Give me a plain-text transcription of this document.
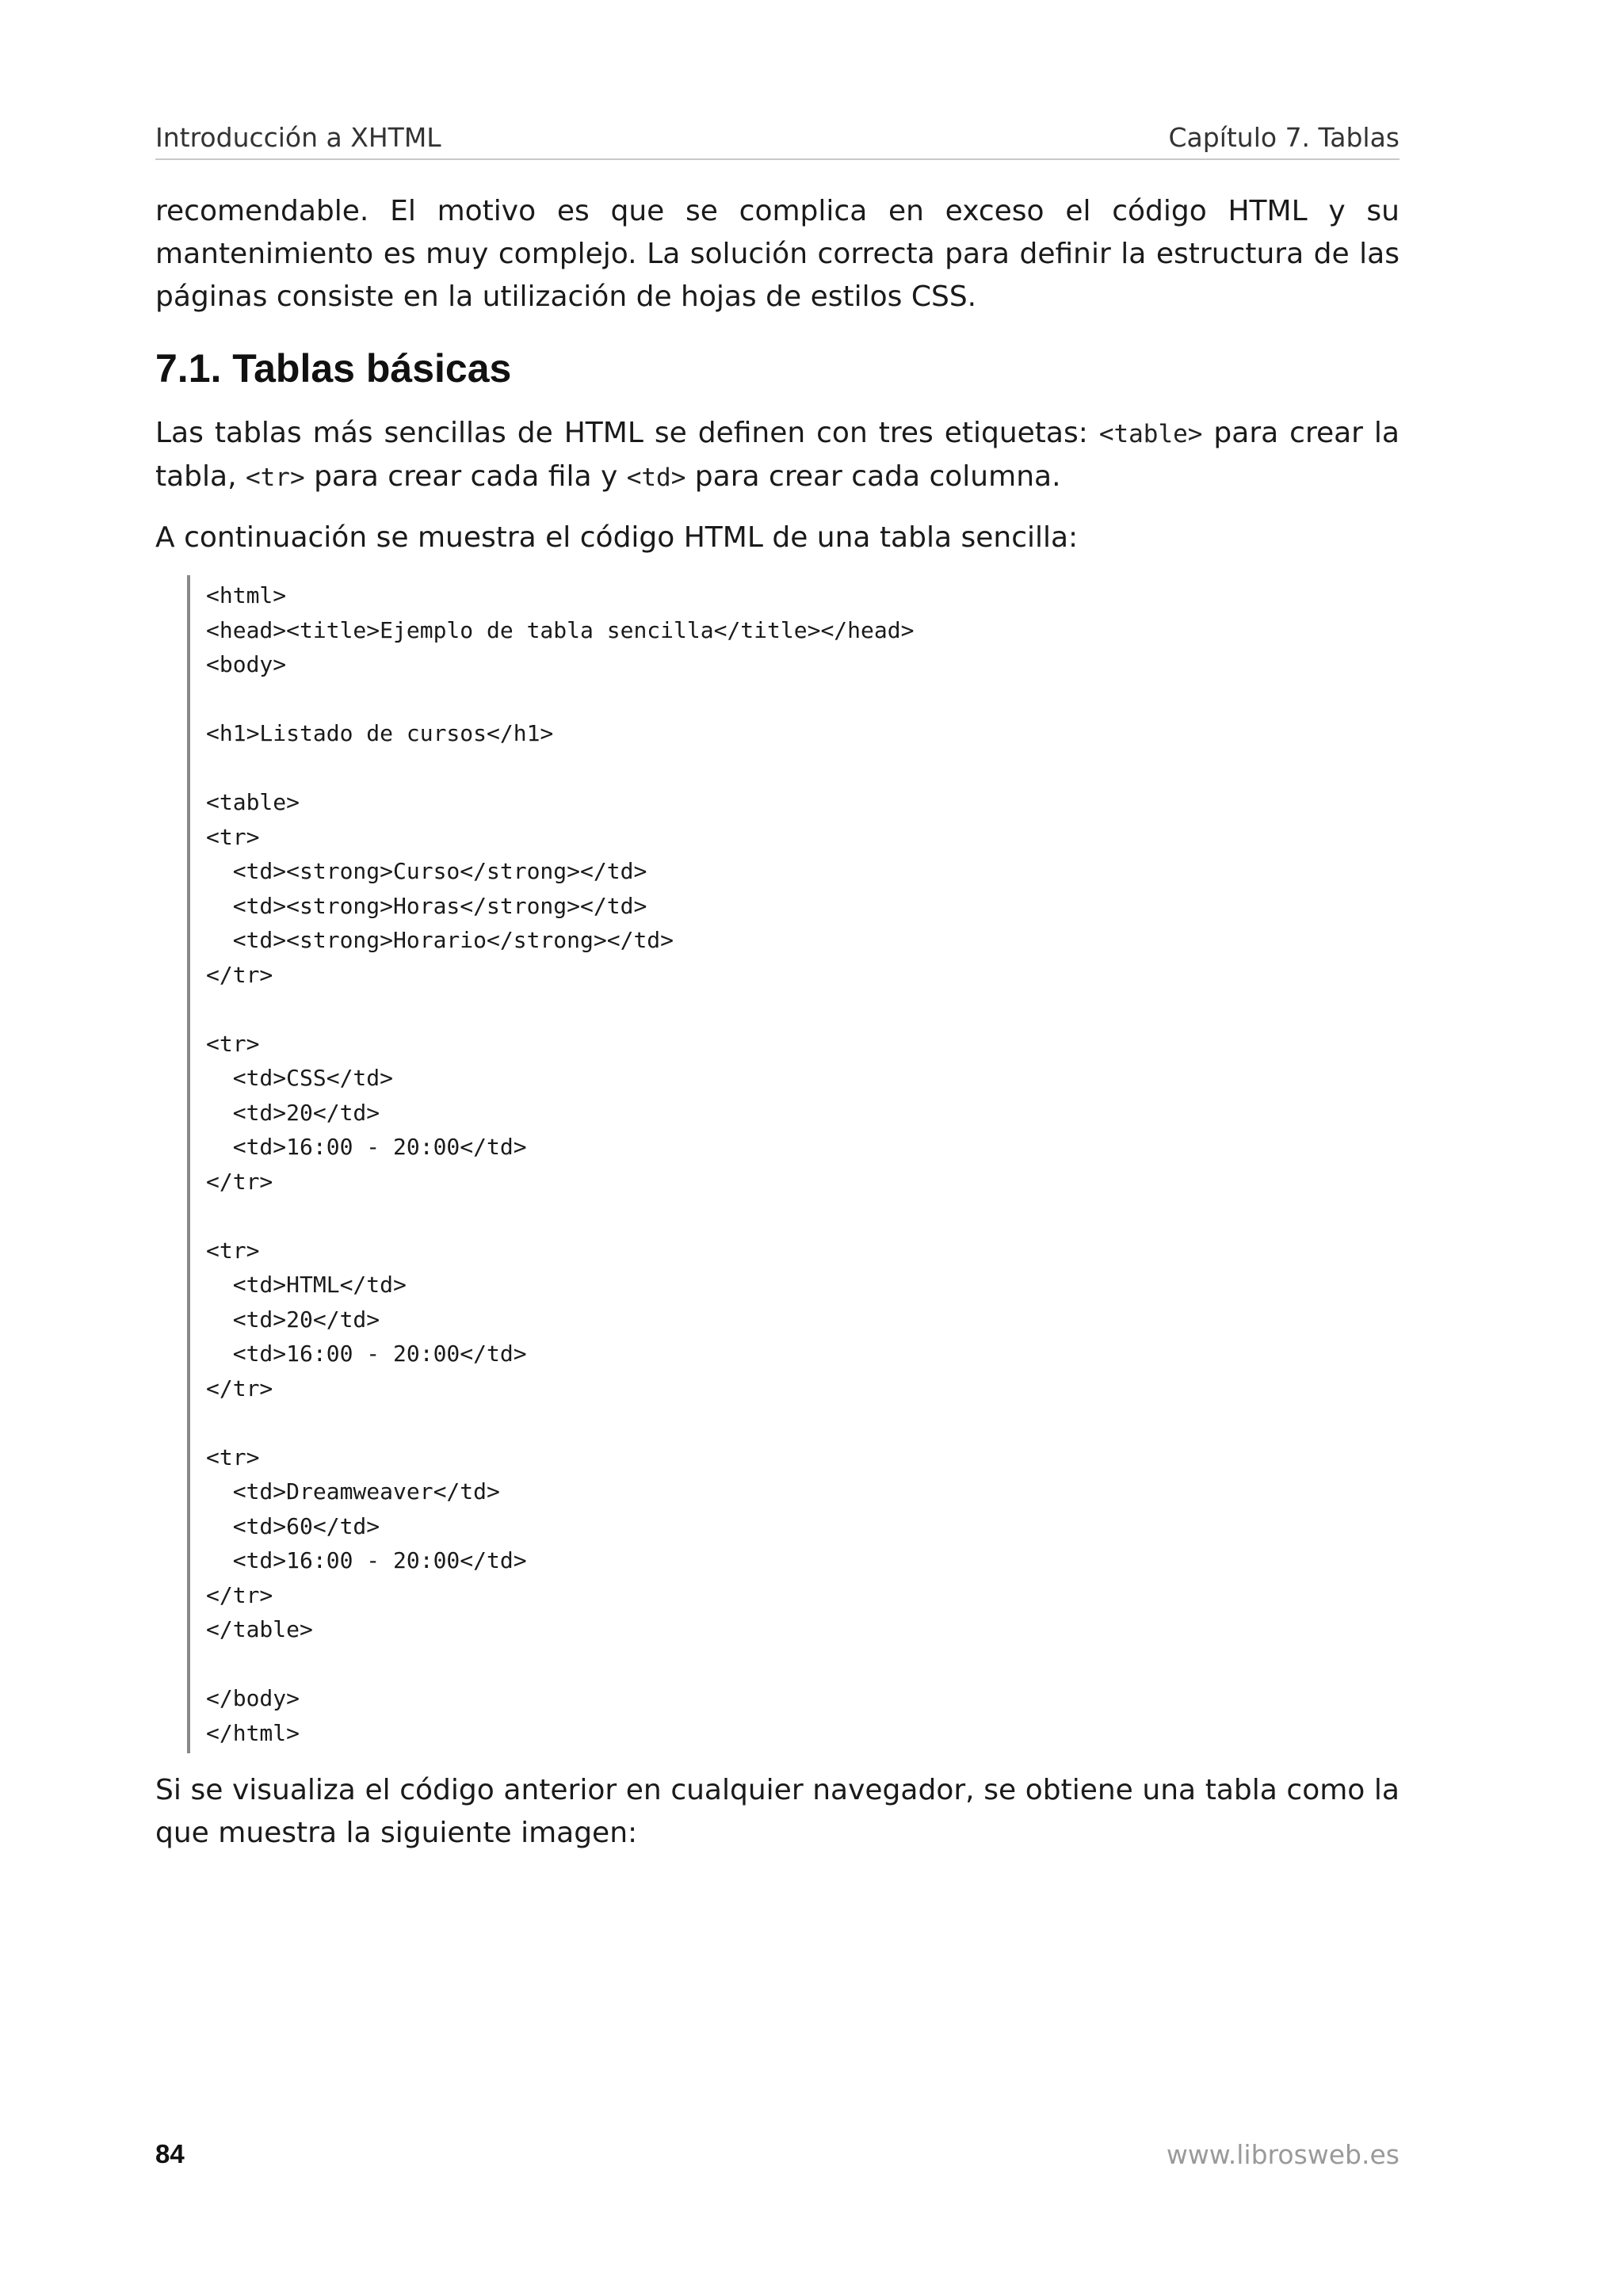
Introducción a XHTML	Capítulo 7. Tablas

recomendable. El motivo es que se complica en exceso el código HTML y su mantenimiento es muy complejo. La solución correcta para definir la estructura de las páginas consiste en la utilización de hojas de estilos CSS.

7.1. Tablas básicas

Las tablas más sencillas de HTML se definen con tres etiquetas: <table> para crear la tabla, <tr> para crear cada fila y <td> para crear cada columna.

A continuación se muestra el código HTML de una tabla sencilla:

<html>
<head><title>Ejemplo de tabla sencilla</title></head>
<body>
<h1>Listado de cursos</h1>
<table>
<tr>
<td><strong>Curso</strong></td>
<td><strong>Horas</strong></td>
<td><strong>Horario</strong></td>
</tr>
<tr>
<td>CSS</td>
<td>20</td>
<td>16:00 - 20:00</td>
</tr>
<tr>
<td>HTML</td>
<td>20</td>
<td>16:00 - 20:00</td>
</tr>
<tr>
<td>Dreamweaver</td>
<td>60</td>
<td>16:00 - 20:00</td>
</tr>
</table>
</body>
</html>

Si se visualiza el código anterior en cualquier navegador, se obtiene una tabla como la que muestra la siguiente imagen:

84	www.librosweb.es
